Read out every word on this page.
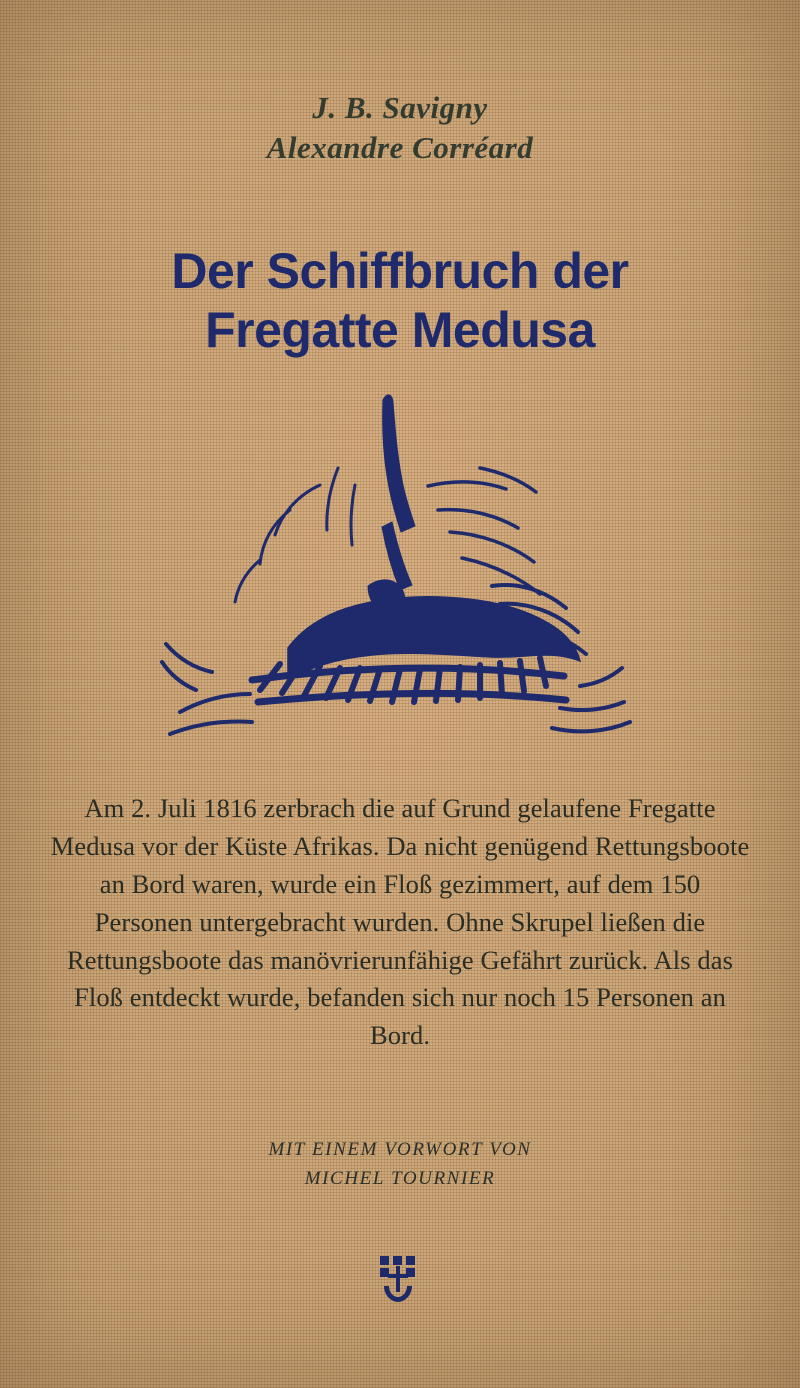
J. B. Savigny
Alexandre Corréard
Der Schiffbruch der
Fregatte Medusa
Am 2. Juli 1816 zerbrach die auf Grund gelaufene Fregatte Medusa vor der Küste Afrikas. Da nicht genügend Rettungsboote an Bord waren, wurde ein Floß gezimmert, auf dem 150 Personen untergebracht wurden. Ohne Skrupel ließen die Rettungsboote das manövrierunfähige Gefährt zurück. Als das Floß entdeckt wurde, befanden sich nur noch 15 Personen an Bord.
MIT EINEM VORWORT VON
MICHEL TOURNIER
